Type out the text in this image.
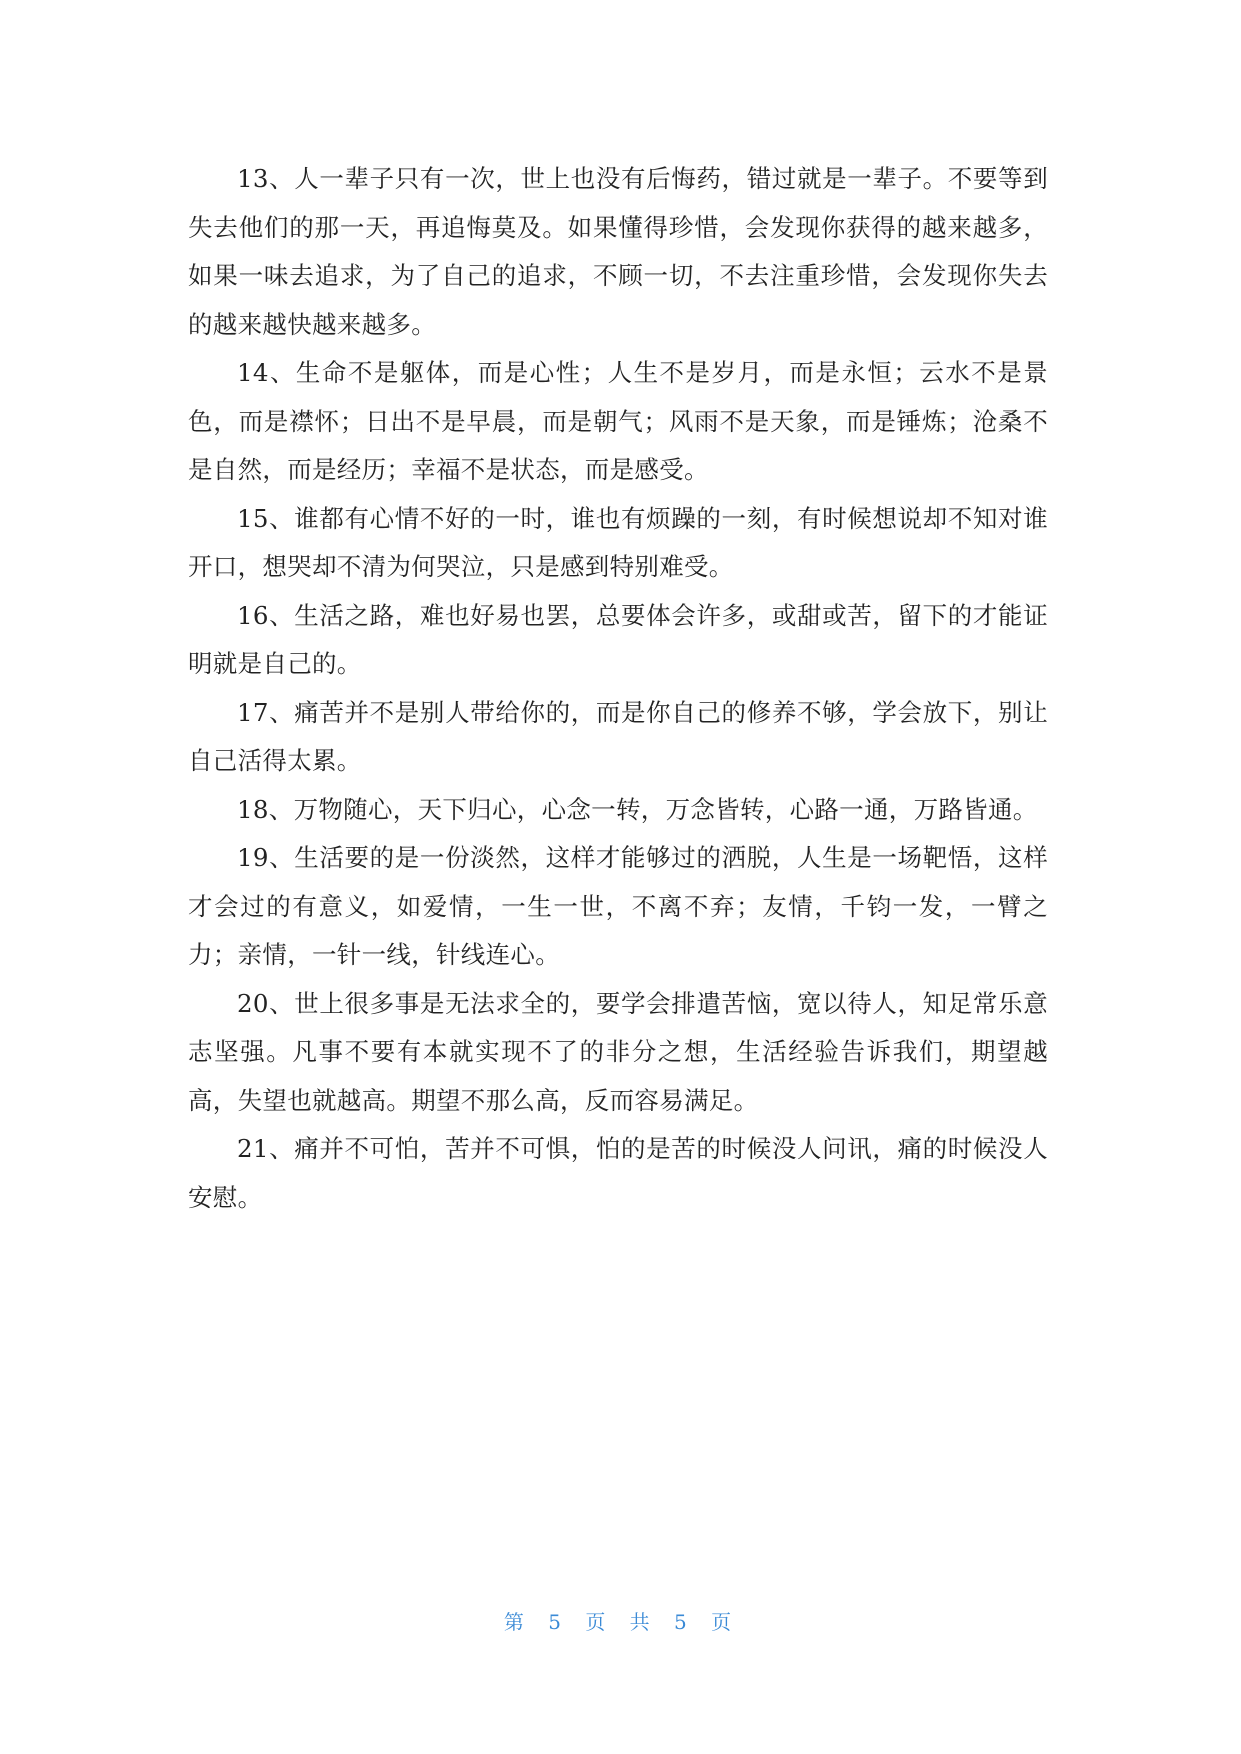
13、人一辈子只有一次，世上也没有后悔药，错过就是一辈子。不要等到失去他们的那一天，再追悔莫及。如果懂得珍惜，会发现你获得的越来越多，如果一味去追求，为了自己的追求，不顾一切，不去注重珍惜，会发现你失去的越来越快越来越多。

14、生命不是躯体，而是心性；人生不是岁月，而是永恒；云水不是景色，而是襟怀；日出不是早晨，而是朝气；风雨不是天象，而是锤炼；沧桑不是自然，而是经历；幸福不是状态，而是感受。

15、谁都有心情不好的一时，谁也有烦躁的一刻，有时候想说却不知对谁开口，想哭却不清为何哭泣，只是感到特别难受。

16、生活之路，难也好易也罢，总要体会许多，或甜或苦，留下的才能证明就是自己的。

17、痛苦并不是别人带给你的，而是你自己的修养不够，学会放下，别让自己活得太累。

18、万物随心，天下归心，心念一转，万念皆转，心路一通，万路皆通。

19、生活要的是一份淡然，这样才能够过的洒脱，人生是一场靶悟，这样才会过的有意义，如爱情，一生一世，不离不弃；友情，千钧一发，一臂之力；亲情，一针一线，针线连心。

20、世上很多事是无法求全的，要学会排遣苦恼，宽以待人，知足常乐意志坚强。凡事不要有本就实现不了的非分之想，生活经验告诉我们，期望越高，失望也就越高。期望不那么高，反而容易满足。

21、痛并不可怕，苦并不可惧，怕的是苦的时候没人问讯，痛的时候没人安慰。

第 5 页 共 5 页
